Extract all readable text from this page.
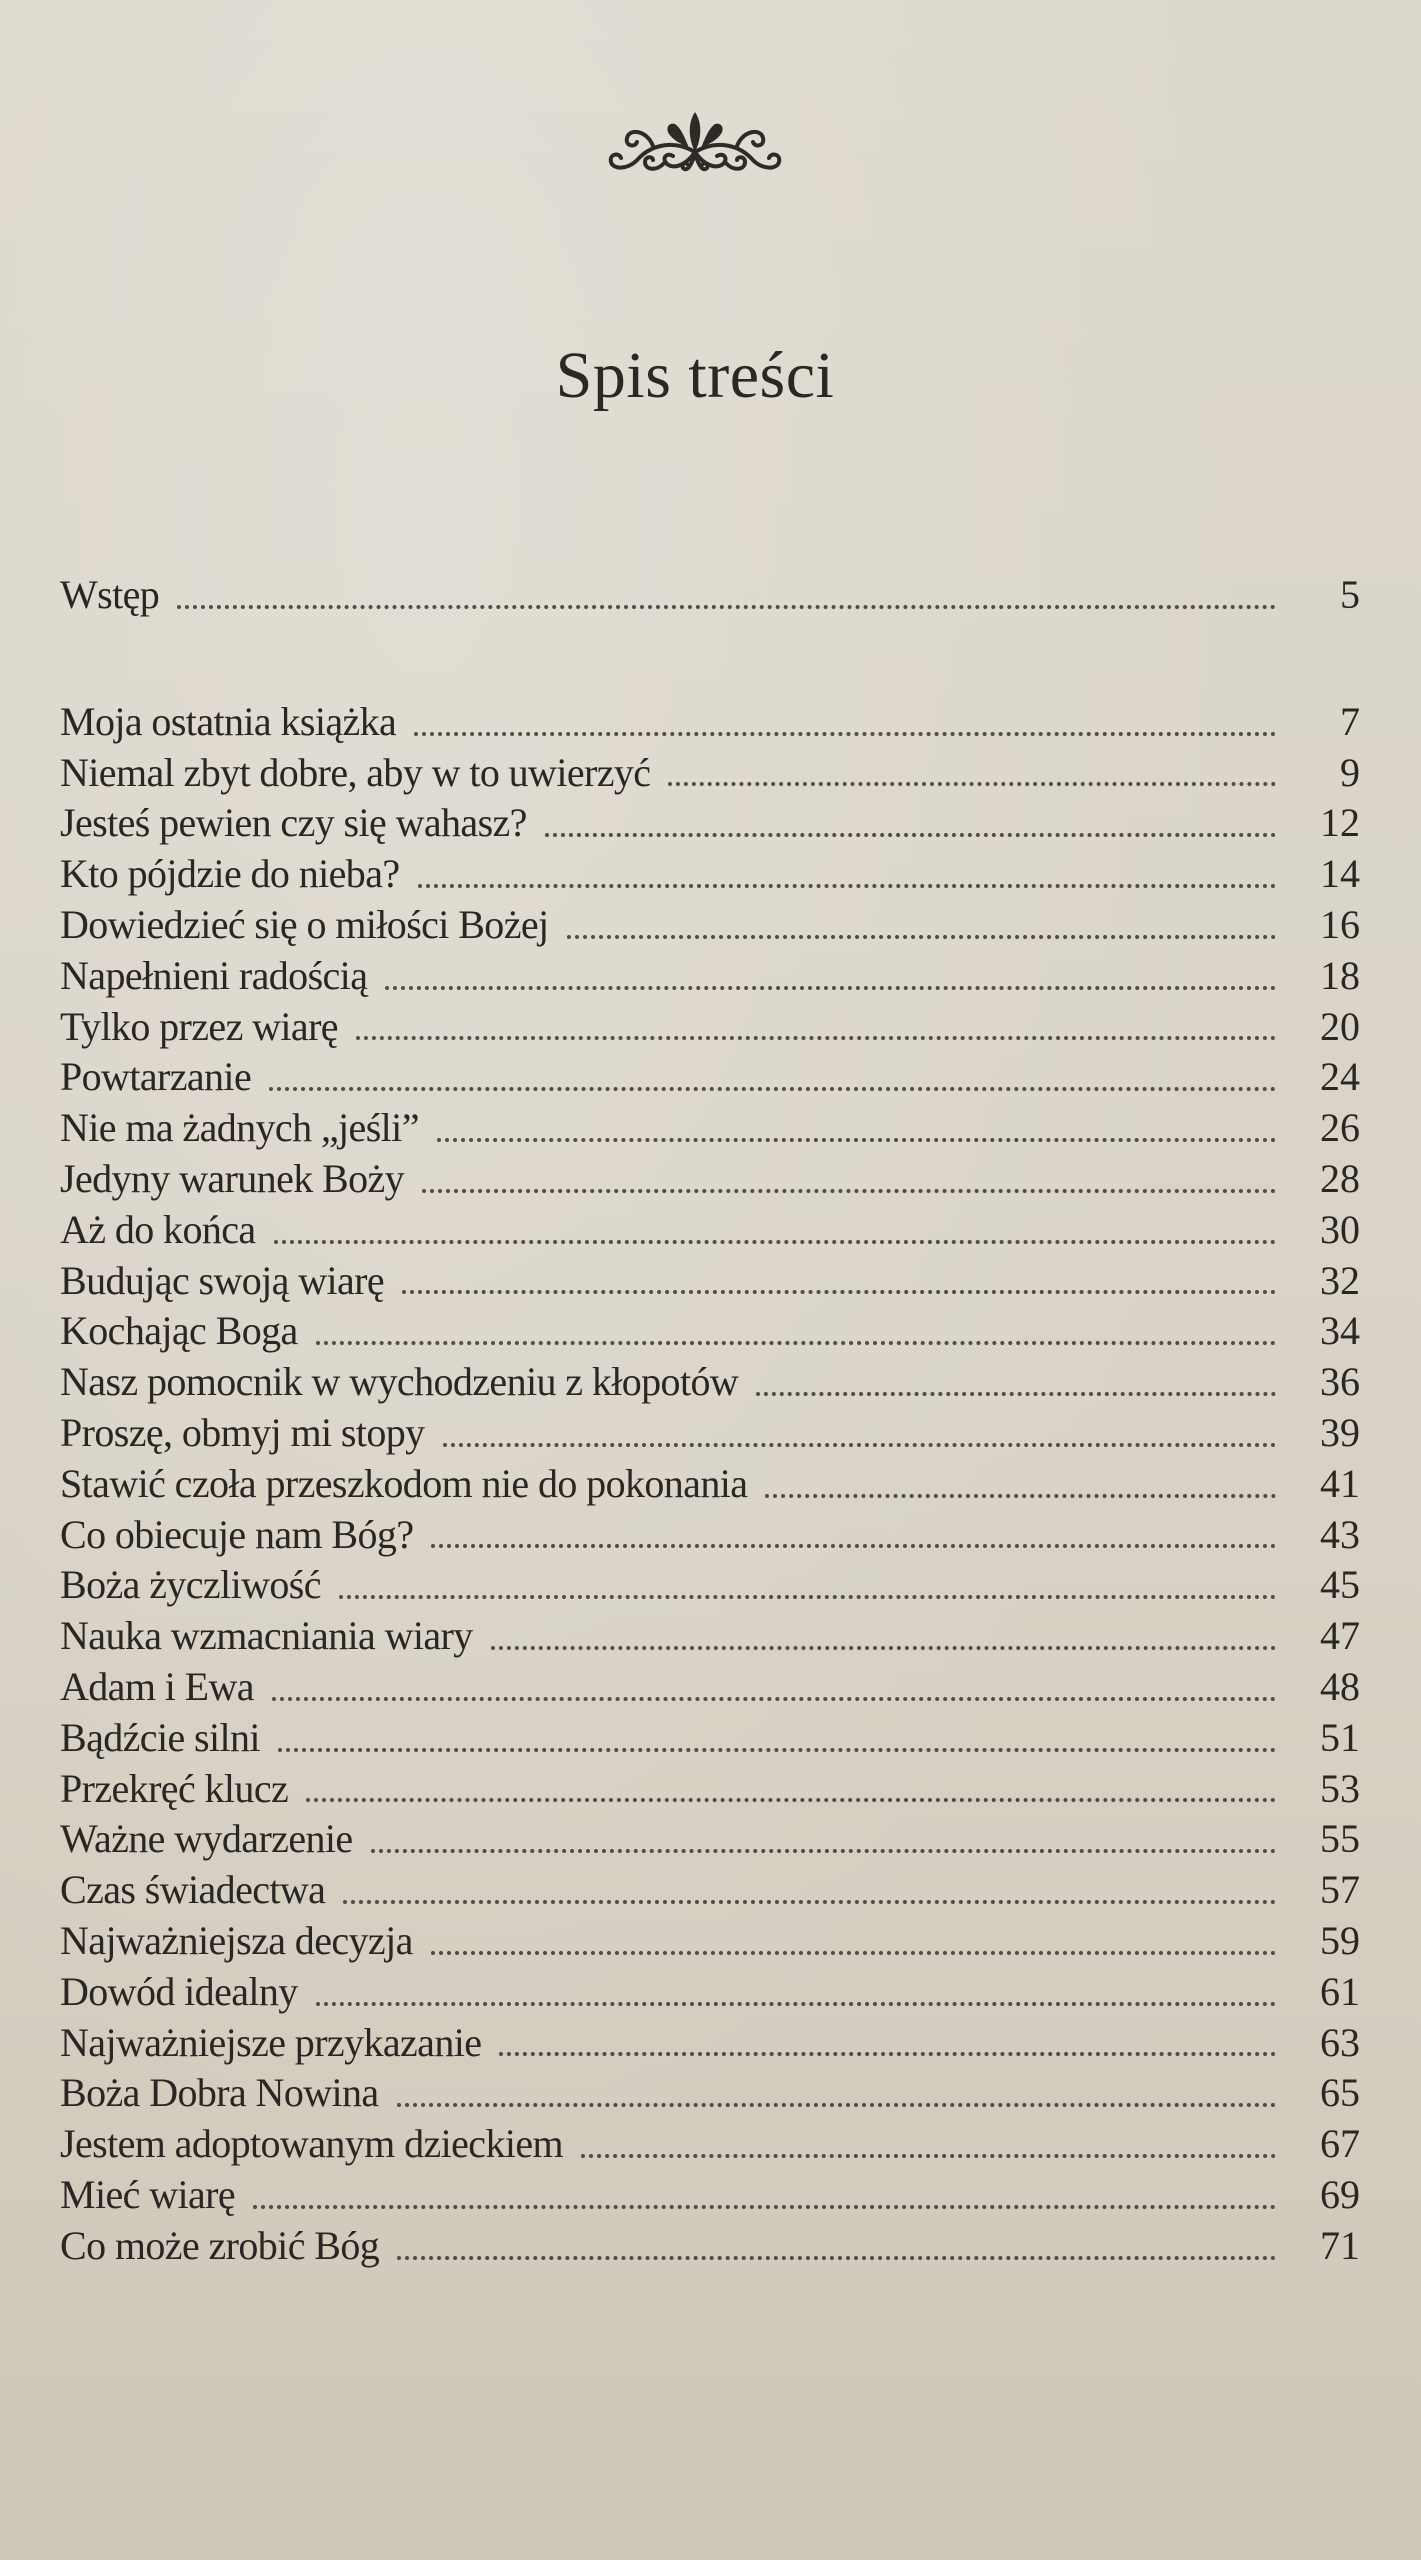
Spis treści
Wstęp	5
Moja ostatnia książka	7
Niemal zbyt dobre, aby w to uwierzyć	9
Jesteś pewien czy się wahasz?	12
Kto pójdzie do nieba?	14
Dowiedzieć się o miłości Bożej	16
Napełnieni radością	18
Tylko przez wiarę	20
Powtarzanie	24
Nie ma żadnych „jeśli”	26
Jedyny warunek Boży	28
Aż do końca	30
Budując swoją wiarę	32
Kochając Boga	34
Nasz pomocnik w wychodzeniu z kłopotów	36
Proszę, obmyj mi stopy	39
Stawić czoła przeszkodom nie do pokonania	41
Co obiecuje nam Bóg?	43
Boża życzliwość	45
Nauka wzmacniania wiary	47
Adam i Ewa	48
Bądźcie silni	51
Przekręć klucz	53
Ważne wydarzenie	55
Czas świadectwa	57
Najważniejsza decyzja	59
Dowód idealny	61
Najważniejsze przykazanie	63
Boża Dobra Nowina	65
Jestem adoptowanym dzieckiem	67
Mieć wiarę	69
Co może zrobić Bóg	71
